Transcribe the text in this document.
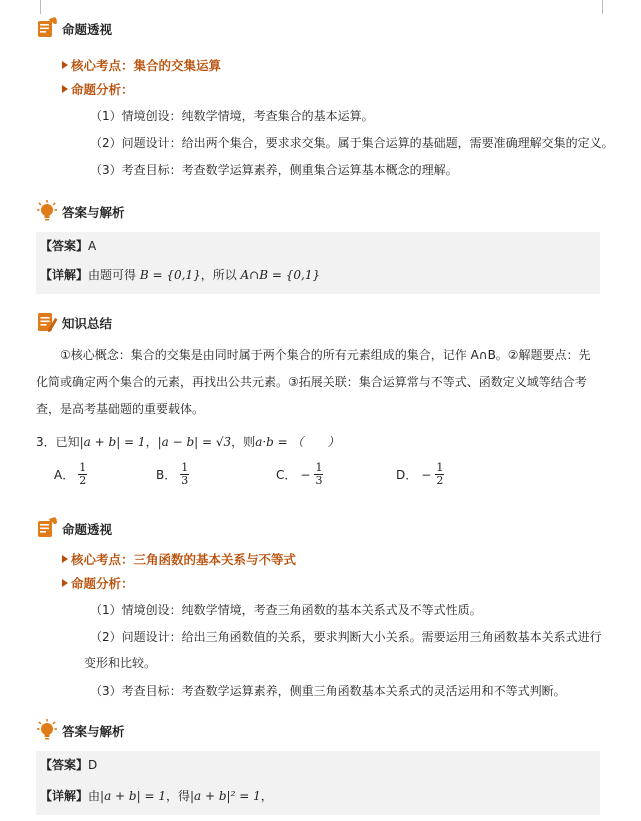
命题透视
核心考点： 集合的交集运算
命题分析：
（1）情境创设：纯数学情境，考查集合的基本运算。
（2）问题设计：给出两个集合，要求求交集。属于集合运算的基础题，需要准确理解交集的定义。
（3）考查目标：考查数学运算素养，侧重集合运算基本概念的理解。
答案与解析
【答案】A
【详解】由题可得 B = {0,1}，所以 A∩B = {0,1}
知识总结
①核心概念：集合的交集是由同时属于两个集合的所有元素组成的集合，记作 A∩B。②解题要点：先化简或确定两个集合的元素，再找出公共元素。③拓展关联：集合运算常与不等式、函数定义域等结合考查，是高考基础题的重要载体。
3．已知|a + b| = 1，|a − b| = √3，则a·b = （　　）
A． $\frac{1}{2}$	B． $\frac{1}{3}$	C． − $\frac{1}{3}$	D． − $\frac{1}{2}$
命题透视
核心考点： 三角函数的基本关系与不等式
命题分析：
（1）情境创设：纯数学情境，考查三角函数的基本关系式及不等式性质。
（2）问题设计：给出三角函数值的关系，要求判断大小关系。需要运用三角函数基本关系式进行
变形和比较。
（3）考查目标：考查数学运算素养，侧重三角函数基本关系式的灵活运用和不等式判断。
答案与解析
【答案】D
【详解】由|a + b| = 1，得|a + b|² = 1，
